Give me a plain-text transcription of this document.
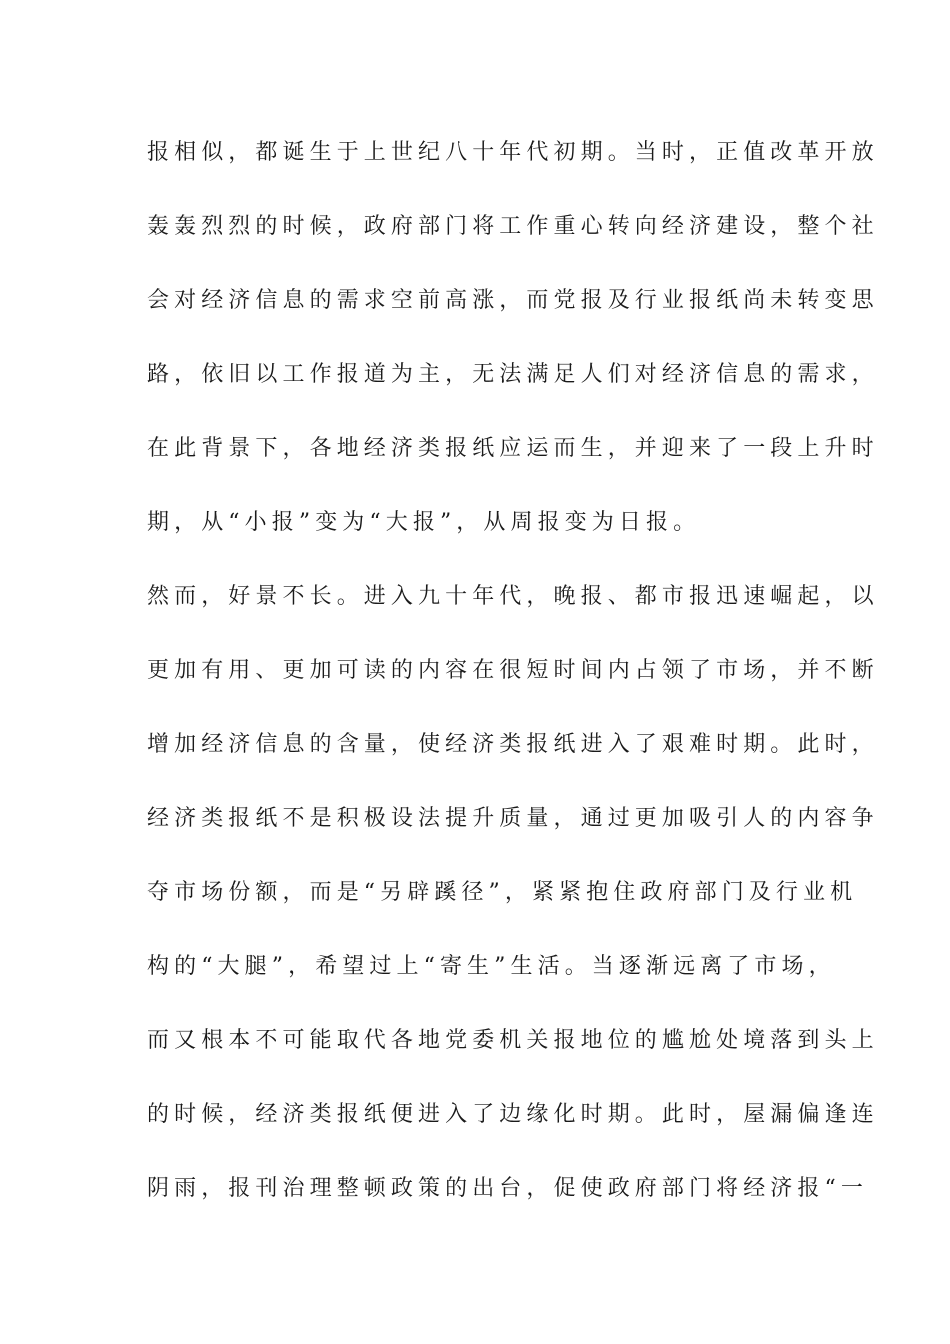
报相似，都诞生于上世纪八十年代初期。当时，正值改革开放

轰轰烈烈的时候，政府部门将工作重心转向经济建设，整个社

会对经济信息的需求空前高涨，而党报及行业报纸尚未转变思

路，依旧以工作报道为主，无法满足人们对经济信息的需求，

在此背景下，各地经济类报纸应运而生，并迎来了一段上升时

期，从“小报”变为“大报”，从周报变为日报。

然而，好景不长。进入九十年代，晚报、都市报迅速崛起，以

更加有用、更加可读的内容在很短时间内占领了市场，并不断

增加经济信息的含量，使经济类报纸进入了艰难时期。此时，

经济类报纸不是积极设法提升质量，通过更加吸引人的内容争

夺市场份额，而是“另辟蹊径”，紧紧抱住政府部门及行业机

构的“大腿”，希望过上“寄生”生活。当逐渐远离了市场，

而又根本不可能取代各地党委机关报地位的尴尬处境落到头上

的时候，经济类报纸便进入了边缘化时期。此时，屋漏偏逢连

阴雨，报刊治理整顿政策的出台，促使政府部门将经济报“一
